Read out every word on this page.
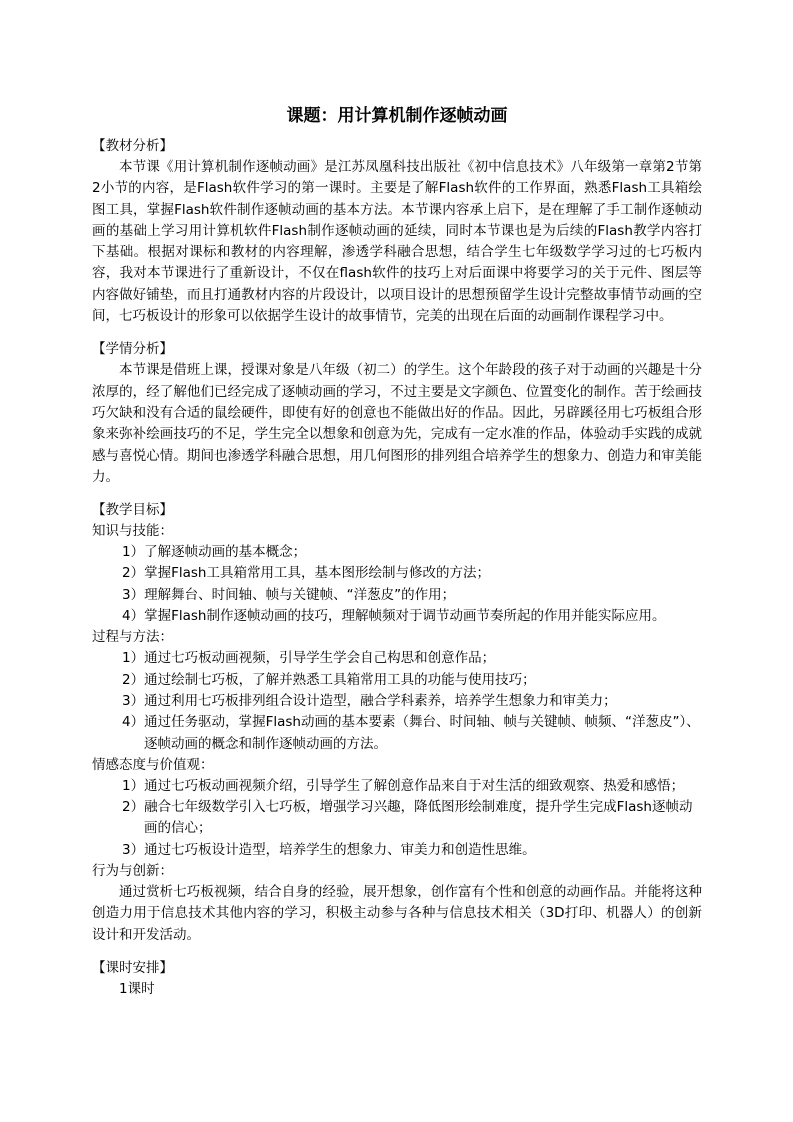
课题：用计算机制作逐帧动画
【教材分析】

本节课《用计算机制作逐帧动画》是江苏凤凰科技出版社《初中信息技术》八年级第一章第2节第2小节的内容，是Flash软件学习的第一课时。主要是了解Flash软件的工作界面，熟悉Flash工具箱绘图工具，掌握Flash软件制作逐帧动画的基本方法。本节课内容承上启下，是在理解了手工制作逐帧动画的基础上学习用计算机软件Flash制作逐帧动画的延续，同时本节课也是为后续的Flash教学内容打下基础。根据对课标和教材的内容理解，渗透学科融合思想，结合学生七年级数学学习过的七巧板内容，我对本节课进行了重新设计，不仅在flash软件的技巧上对后面课中将要学习的关于元件、图层等内容做好铺垫，而且打通教材内容的片段设计，以项目设计的思想预留学生设计完整故事情节动画的空间，七巧板设计的形象可以依据学生设计的故事情节，完美的出现在后面的动画制作课程学习中。

【学情分析】

本节课是借班上课，授课对象是八年级（初二）的学生。这个年龄段的孩子对于动画的兴趣是十分浓厚的，经了解他们已经完成了逐帧动画的学习，不过主要是文字颜色、位置变化的制作。苦于绘画技巧欠缺和没有合适的鼠绘硬件，即使有好的创意也不能做出好的作品。因此，另辟蹊径用七巧板组合形象来弥补绘画技巧的不足，学生完全以想象和创意为先，完成有一定水准的作品，体验动手实践的成就感与喜悦心情。期间也渗透学科融合思想，用几何图形的排列组合培养学生的想象力、创造力和审美能力。

【教学目标】
知识与技能：
1）了解逐帧动画的基本概念；
2）掌握Flash工具箱常用工具，基本图形绘制与修改的方法；
3）理解舞台、时间轴、帧与关键帧、“洋葱皮”的作用；
4）掌握Flash制作逐帧动画的技巧，理解帧频对于调节动画节奏所起的作用并能实际应用。
过程与方法：
1）通过七巧板动画视频，引导学生学会自己构思和创意作品；
2）通过绘制七巧板，了解并熟悉工具箱常用工具的功能与使用技巧；
3）通过利用七巧板排列组合设计造型，融合学科素养，培养学生想象力和审美力；
4）通过任务驱动，掌握Flash动画的基本要素（舞台、时间轴、帧与关键帧、帧频、“洋葱皮”）、逐帧动画的概念和制作逐帧动画的方法。
情感态度与价值观：
1）通过七巧板动画视频介绍，引导学生了解创意作品来自于对生活的细致观察、热爱和感悟；
2）融合七年级数学引入七巧板，增强学习兴趣，降低图形绘制难度，提升学生完成Flash逐帧动画的信心；
3）通过七巧板设计造型，培养学生的想象力、审美力和创造性思维。
行为与创新：

通过赏析七巧板视频，结合自身的经验，展开想象，创作富有个性和创意的动画作品。并能将这种创造力用于信息技术其他内容的学习，积极主动参与各种与信息技术相关（3D打印、机器人）的创新设计和开发活动。

【课时安排】
1课时
